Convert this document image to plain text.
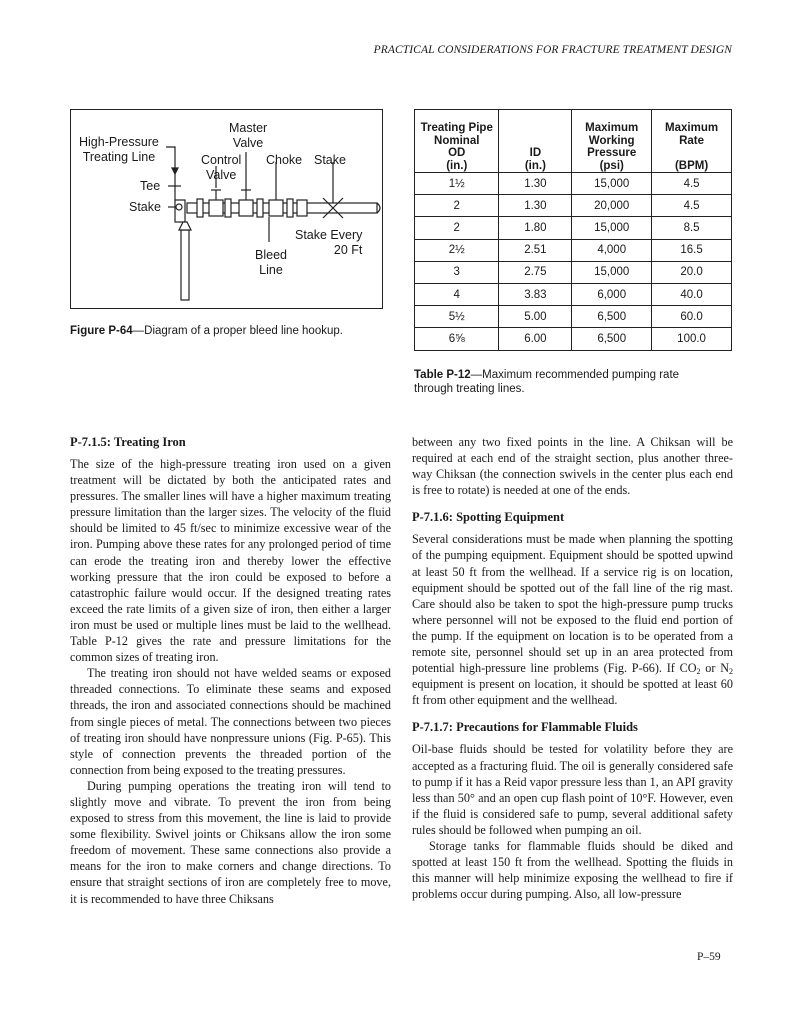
PRACTICAL CONSIDERATIONS FOR FRACTURE TREATMENT DESIGN
Master
Valve
High-Pressure
Treating Line	Control
Valve
Choke Stake
Tee
Stake
Stake Every
20 Ft
Bleed
Line
Figure P-64—Diagram of a proper bleed line hookup.
Treating Pipe
Nominal
OD
(in.)	ID
(in.)	Maximum
Working
Pressure
(psi)	Maximum
Rate

(BPM)
1½	1.30	15,000	4.5
2	1.30	20,000	4.5
2	1.80	15,000	8.5
2½	2.51	4,000	16.5
3	2.75	15,000	20.0
4	3.83	6,000	40.0
5½	5.00	6,500	60.0
6⅝	6.00	6,500	100.0
Table P-12—Maximum recommended pumping rate through treating lines.
P-7.1.5: Treating Iron

The size of the high-pressure treating iron used on a given treatment will be dictated by both the anticipated rates and pressures. The smaller lines will have a higher maximum treating pressure limitation than the larger sizes. The velocity of the fluid should be limited to 45 ft/sec to minimize excessive wear of the iron. Pumping above these rates for any prolonged period of time can erode the treating iron and thereby lower the effective working pressure that the iron could be exposed to before a catastrophic failure would occur. If the designed treating rates exceed the rate limits of a given size of iron, then either a larger iron must be used or multiple lines must be laid to the wellhead. Table P-12 gives the rate and pressure limitations for the common sizes of treating iron.

The treating iron should not have welded seams or exposed threaded connections. To eliminate these seams and exposed threads, the iron and associated connections should be machined from single pieces of metal. The connections between two pieces of treating iron should have nonpressure unions (Fig. P-65). This style of connection prevents the threaded portion of the connection from being exposed to the treating pressures.

During pumping operations the treating iron will tend to slightly move and vibrate. To prevent the iron from being exposed to stress from this movement, the line is laid to provide some flexibility. Swivel joints or Chiksans allow the iron some freedom of movement. These same connections also provide a means for the iron to make corners and change directions. To ensure that straight sections of iron are completely free to move, it is recommended to have three Chiksans

between any two fixed points in the line. A Chiksan will be required at each end of the straight section, plus another three-way Chiksan (the connection swivels in the center plus each end is free to rotate) is needed at one of the ends.

P-7.1.6: Spotting Equipment

Several considerations must be made when planning the spotting of the pumping equipment. Equipment should be spotted upwind at least 50 ft from the wellhead. If a service rig is on location, equipment should be spotted out of the fall line of the rig mast. Care should also be taken to spot the high-pressure pump trucks where personnel will not be exposed to the fluid end portion of the pump. If the equipment on location is to be operated from a remote site, personnel should set up in an area protected from potential high-pressure line problems (Fig. P-66). If $CO_2$ or $N_2$ equipment is present on location, it should be spotted at least 60 ft from other equipment and the wellhead.

P-7.1.7: Precautions for Flammable Fluids

Oil-base fluids should be tested for volatility before they are accepted as a fracturing fluid. The oil is generally considered safe to pump if it has a Reid vapor pressure less than 1, an API gravity less than 50° and an open cup flash point of 10°F. However, even if the fluid is considered safe to pump, several additional safety rules should be followed when pumping an oil.

Storage tanks for flammable fluids should be diked and spotted at least 150 ft from the wellhead. Spotting the fluids in this manner will help minimize exposing the wellhead to fire if problems occur during pumping. Also, all low-pressure

P–59
